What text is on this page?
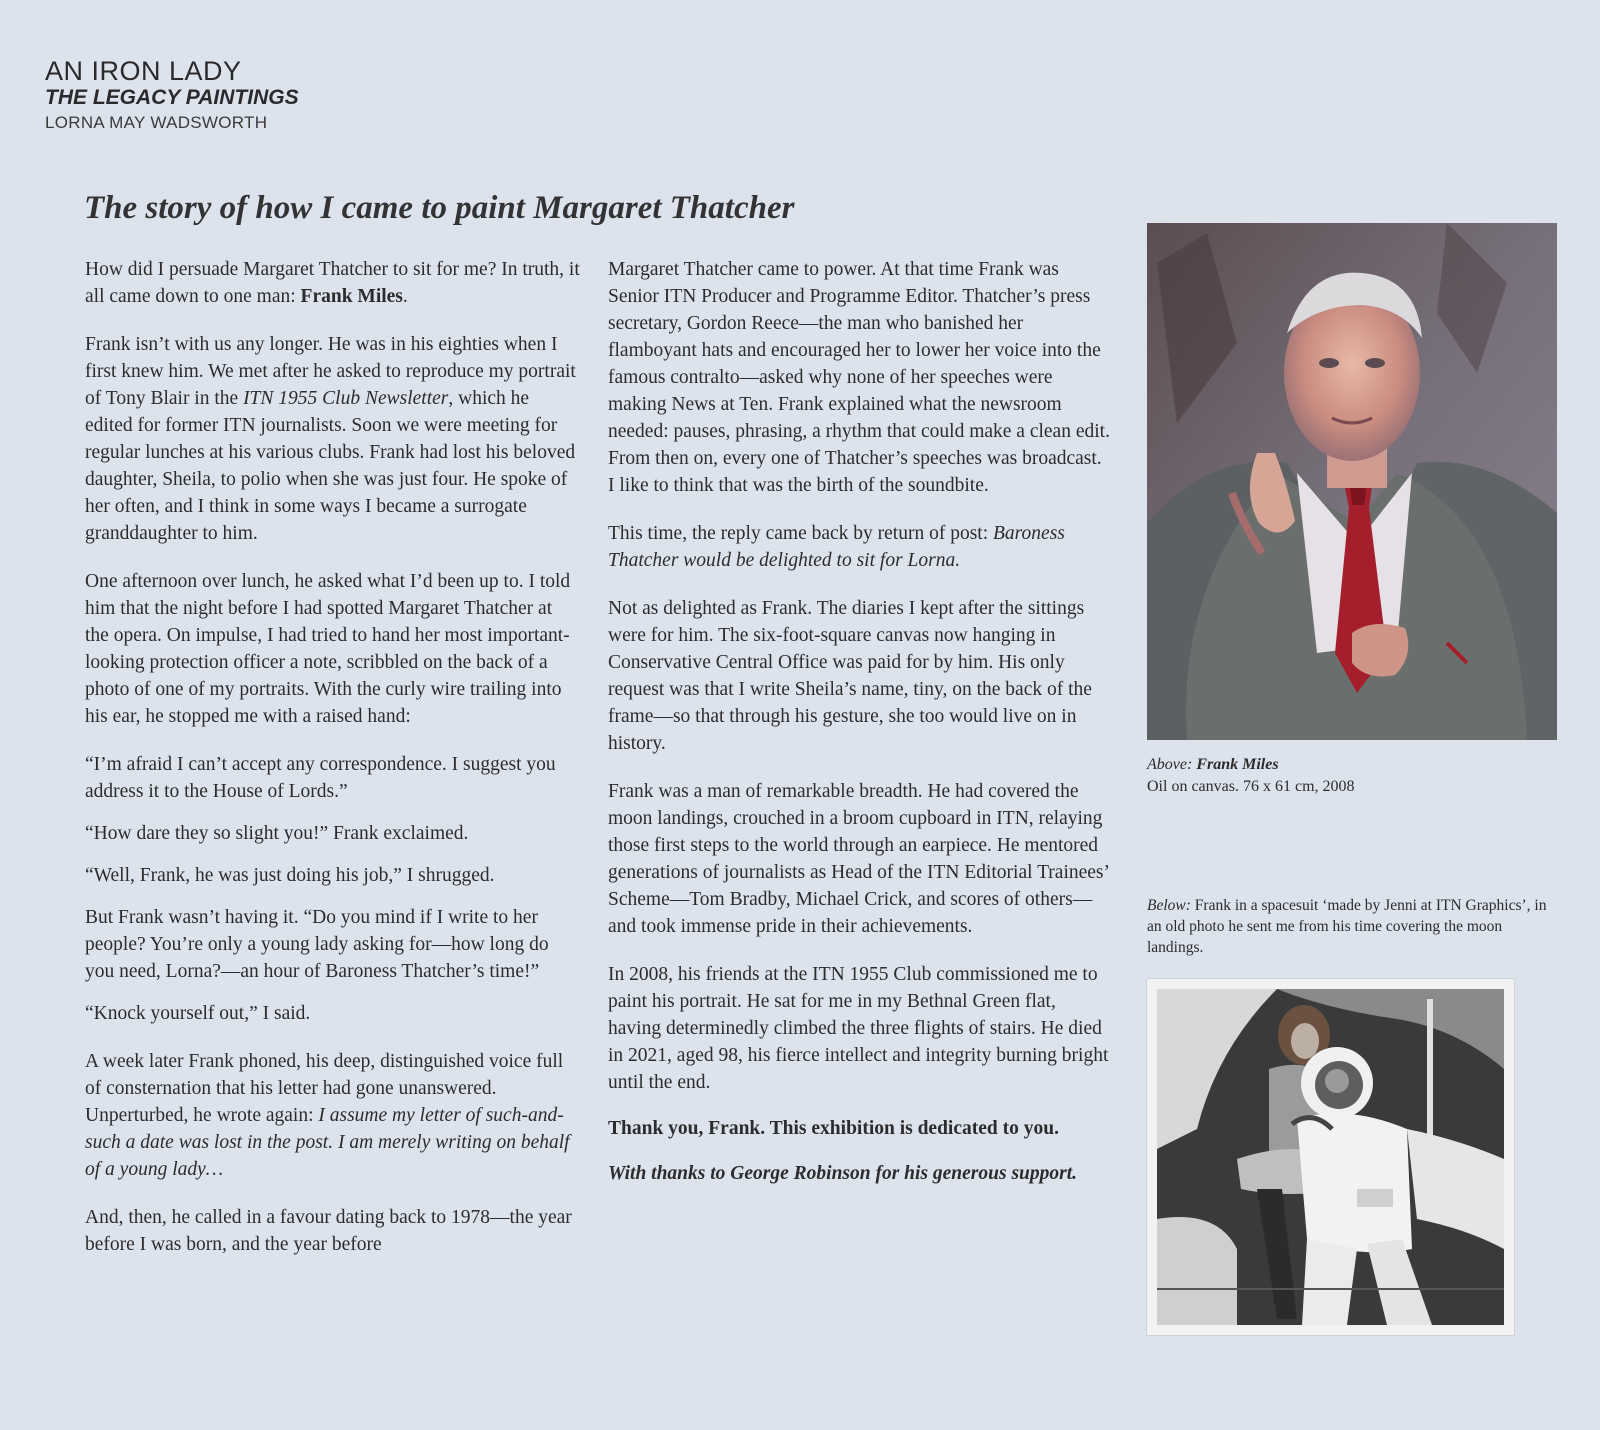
AN IRON LADY
THE LEGACY PAINTINGS
LORNA MAY WADSWORTH
The story of how I came to paint Margaret Thatcher

How did I persuade Margaret Thatcher to sit for me? In truth, it all came down to one man: Frank Miles.

Frank isn’t with us any longer. He was in his eighties when I first knew him. We met after he asked to reproduce my portrait of Tony Blair in the ITN 1955 Club Newsletter, which he edited for former ITN journalists. Soon we were meeting for regular lunches at his various clubs. Frank had lost his beloved daughter, Sheila, to polio when she was just four. He spoke of her often, and I think in some ways I became a surrogate granddaughter to him.

One afternoon over lunch, he asked what I’d been up to. I told him that the night before I had spotted Margaret Thatcher at the opera. On impulse, I had tried to hand her most important-looking protection officer a note, scribbled on the back of a photo of one of my portraits. With the curly wire trailing into his ear, he stopped me with a raised hand:

“I’m afraid I can’t accept any correspondence. I suggest you address it to the House of Lords.”

“How dare they so slight you!” Frank exclaimed.

“Well, Frank, he was just doing his job,” I shrugged.

But Frank wasn’t having it. “Do you mind if I write to her people? You’re only a young lady asking for—how long do you need, Lorna?—an hour of Baroness Thatcher’s time!”

“Knock yourself out,” I said.

A week later Frank phoned, his deep, distinguished voice full of consternation that his letter had gone unanswered. Unperturbed, he wrote again: I assume my letter of such-and-such a date was lost in the post. I am merely writing on behalf of a young lady…

And, then, he called in a favour dating back to 1978—the year before I was born, and the year before

Margaret Thatcher came to power. At that time Frank was Senior ITN Producer and Programme Editor. Thatcher’s press secretary, Gordon Reece—the man who banished her flamboyant hats and encouraged her to lower her voice into the famous contralto—asked why none of her speeches were making News at Ten. Frank explained what the newsroom needed: pauses, phrasing, a rhythm that could make a clean edit. From then on, every one of Thatcher’s speeches was broadcast. I like to think that was the birth of the soundbite.

This time, the reply came back by return of post: Baroness Thatcher would be delighted to sit for Lorna.

Not as delighted as Frank. The diaries I kept after the sittings were for him. The six-foot-square canvas now hanging in Conservative Central Office was paid for by him. His only request was that I write Sheila’s name, tiny, on the back of the frame—so that through his gesture, she too would live on in history.

Frank was a man of remarkable breadth. He had covered the moon landings, crouched in a broom cupboard in ITN, relaying those first steps to the world through an earpiece. He mentored generations of journalists as Head of the ITN Editorial Trainees’ Scheme—Tom Bradby, Michael Crick, and scores of others—and took immense pride in their achievements.

In 2008, his friends at the ITN 1955 Club commissioned me to paint his portrait. He sat for me in my Bethnal Green flat, having determinedly climbed the three flights of stairs. He died in 2021, aged 98, his fierce intellect and integrity burning bright until the end.

Thank you, Frank. This exhibition is dedicated to you.

With thanks to George Robinson for his generous support.

Above: Frank Miles
Oil on canvas. 76 x 61 cm, 2008
Below: Frank in a spacesuit ‘made by Jenni at ITN Graphics’, in an old photo he sent me from his time covering the moon landings.
